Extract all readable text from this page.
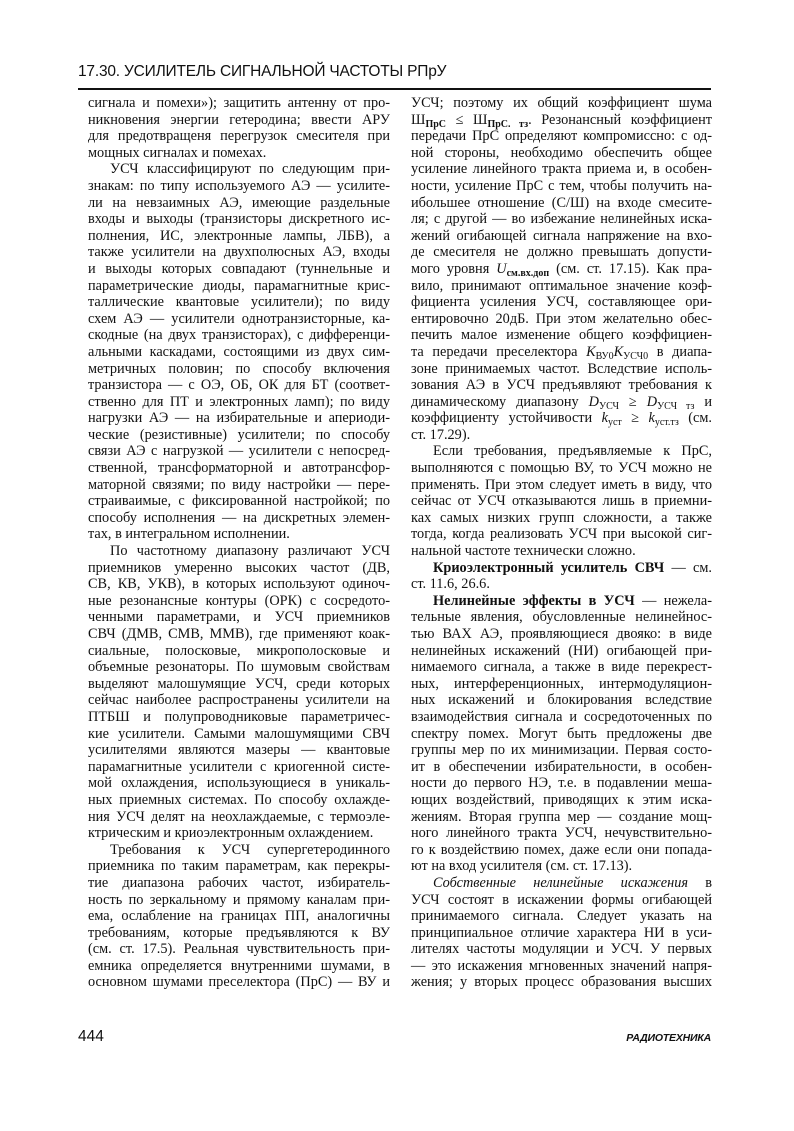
17.30. УСИЛИТЕЛЬ СИГНАЛЬНОЙ ЧАСТОТЫ РПрУ
сигнала и помехи»); защитить антенну от про-
никновения энергии гетеродина; ввести АРУ
для предотвращеня перегрузок смесителя при
мощных сигналах и помехах.
УСЧ классифицируют по следующим при-
знакам: по типу используемого АЭ — усилите-
ли на невзаимных АЭ, имеющие раздельные
входы и выходы (транзисторы дискретного ис-
полнения, ИС, электронные лампы, ЛБВ), а
также усилители на двухполюсных АЭ, входы
и выходы которых совпадают (туннельные и
параметрические диоды, парамагнитные крис-
таллические квантовые усилители); по виду
схем АЭ — усилители однотранзисторные, ка-
скодные (на двух транзисторах), с дифференци-
альными каскадами, состоящими из двух сим-
метричных половин; по способу включения
транзистора — с ОЭ, ОБ, ОК для БТ (соответ-
ственно для ПТ и электронных ламп); по виду
нагрузки АЭ — на избирательные и апериоди-
ческие (резистивные) усилители; по способу
связи АЭ с нагрузкой — усилители с непосред-
ственной, трансформаторной и автотрансфор-
маторной связями; по виду настройки — пере-
страиваимые, с фиксированной настройкой; по
способу исполнения — на дискретных элемен-
тах, в интегральном исполнении.
По частотному диапазону различают УСЧ
приемников умеренно высоких частот (ДВ,
СВ, КВ, УКВ), в которых используют одиноч-
ные резонансные контуры (ОРК) с сосредото-
ченными параметрами, и УСЧ приемников
СВЧ (ДМВ, СМВ, ММВ), где применяют коак-
сиальные, полосковые, микрополосковые и
объемные резонаторы. По шумовым свойствам
выделяют малошумящие УСЧ, среди которых
сейчас наиболее распространены усилители на
ПТБШ и полупроводниковые параметричес-
кие усилители. Самыми малошумящими СВЧ
усилителями являются мазеры — квантовые
парамагнитные усилители с криогенной систе-
мой охлаждения, использующиеся в уникаль-
ных приемных системах. По способу охлажде-
ния УСЧ делят на неохлаждаемые, с термоэле-
ктрическим и криоэлектронным охлаждением.
Требования к УСЧ супергетеродинного
приемника по таким параметрам, как перекры-
тие диапазона рабочих частот, избиратель-
ность по зеркальному и прямому каналам при-
ема, ослабление на границах ПП, аналогичны
требованиям, которые предъявляются к ВУ
(см. ст. 17.5). Реальная чувствительность при-
емника определяется внутренними шумами, в
основном шумами преселектора (ПрС) — ВУ и
УСЧ; поэтому их общий коэффициент шума
$Ш_{ПрС} \le Ш_{ПрС. тз}$. Резонансный коэффициент
передачи ПрС определяют компромиссно: с од-
ной стороны, необходимо обеспечить общее
усиление линейного тракта приема и, в особен-
ности, усиление ПрС с тем, чтобы получить на-
ибольшее отношение (С/Ш) на входе смесите-
ля; с другой — во избежание нелинейных иска-
жений огибающей сигнала напряжение на вхо-
де смесителя не должно превышать допусти-
мого уровня $U_{см.вх.доп}$ (см. ст. 17.15). Как пра-
вило, принимают оптимальное значение коэф-
фициента усиления УСЧ, составляющее ори-
ентировочно 20дБ. При этом желательно обес-
печить малое изменение общего коэффициен-
та передачи преселектора $K_{ВУ0}K_{УСЧ0}$ в диапа-
зоне принимаемых частот. Вследствие исполь-
зования АЭ в УСЧ предъявляют требования к
динамическому диапазону $D_{УСЧ} \ge D_{УСЧ тз}$ и
коэффициенту устойчивости $k_{уст} \ge k_{уст.тз}$ (см.
ст. 17.29).
Если требования, предъявляемые к ПрС,
выполняются с помощью ВУ, то УСЧ можно не
применять. При этом следует иметь в виду, что
сейчас от УСЧ отказываются лишь в приемни-
ках самых низких групп сложности, а также
тогда, когда реализовать УСЧ при высокой сиг-
нальной частоте технически сложно.
Криоэлектронный усилитель СВЧ — см.
ст. 11.6, 26.6.
Нелинейные эффекты в УСЧ — нежела-
тельные явления, обусловленные нелинейнос-
тью ВАХ АЭ, проявляющиеся двояко: в виде
нелинейных искажений (НИ) огибающей при-
нимаемого сигнала, а также в виде перекрест-
ных, интерференционных, интермодуляцион-
ных искажений и блокирования вследствие
взаимодействия сигнала и сосредоточенных по
спектру помех. Могут быть предложены две
группы мер по их минимизации. Первая состо-
ит в обеспечении избирательности, в особен-
ности до первого НЭ, т.е. в подавлении меша-
ющих воздействий, приводящих к этим иска-
жениям. Вторая группа мер — создание мощ-
ного линейного тракта УСЧ, нечувствительно-
го к воздействию помех, даже если они попада-
ют на вход усилителя (см. ст. 17.13).
Собственные нелинейные искажения в
УСЧ состоят в искажении формы огибающей
принимаемого сигнала. Следует указать на
принципиальное отличие характера НИ в уси-
лителях частоты модуляции и УСЧ. У первых
— это искажения мгновенных значений напря-
жения; у вторых процесс образования высших
444	РАДИОТЕХНИКА
